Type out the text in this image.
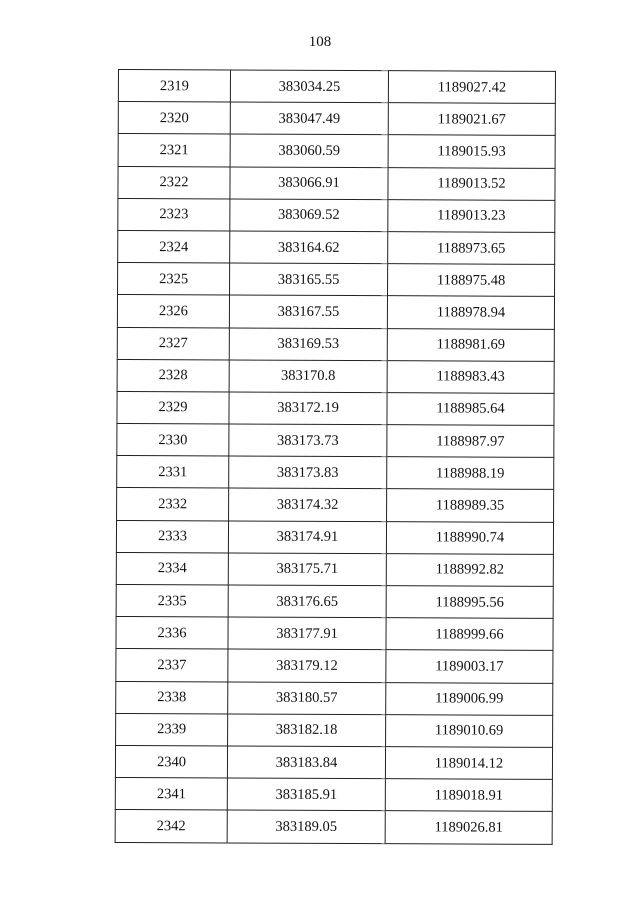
108
2319	383034.25	1189027.42
2320	383047.49	1189021.67
2321	383060.59	1189015.93
2322	383066.91	1189013.52
2323	383069.52	1189013.23
2324	383164.62	1188973.65
2325	383165.55	1188975.48
2326	383167.55	1188978.94
2327	383169.53	1188981.69
2328	383170.8	1188983.43
2329	383172.19	1188985.64
2330	383173.73	1188987.97
2331	383173.83	1188988.19
2332	383174.32	1188989.35
2333	383174.91	1188990.74
2334	383175.71	1188992.82
2335	383176.65	1188995.56
2336	383177.91	1188999.66
2337	383179.12	1189003.17
2338	383180.57	1189006.99
2339	383182.18	1189010.69
2340	383183.84	1189014.12
2341	383185.91	1189018.91
2342	383189.05	1189026.81
